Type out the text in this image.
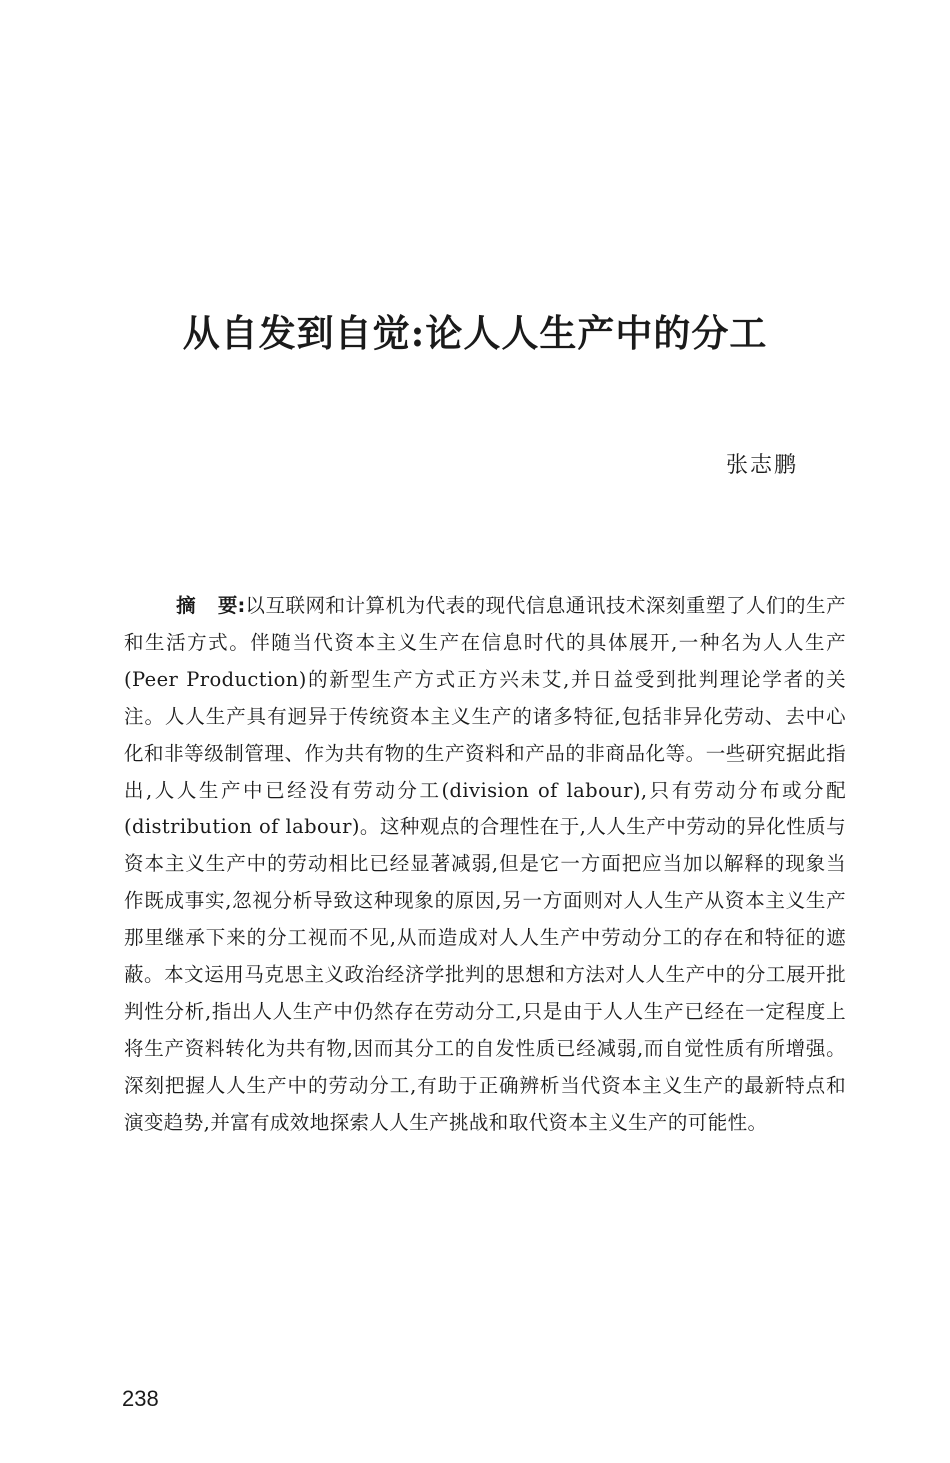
从自发到自觉:论人人生产中的分工

张志鹏

摘 要:以互联网和计算机为代表的现代信息通讯技术深刻重塑了人们的生产和生活方式。伴随当代资本主义生产在信息时代的具体展开,一种名为人人生产(Peer Production)的新型生产方式正方兴未艾,并日益受到批判理论学者的关注。人人生产具有迥异于传统资本主义生产的诸多特征,包括非异化劳动、去中心化和非等级制管理、作为共有物的生产资料和产品的非商品化等。一些研究据此指出,人人生产中已经没有劳动分工(division of labour),只有劳动分布或分配(distribution of labour)。这种观点的合理性在于,人人生产中劳动的异化性质与资本主义生产中的劳动相比已经显著减弱,但是它一方面把应当加以解释的现象当作既成事实,忽视分析导致这种现象的原因,另一方面则对人人生产从资本主义生产那里继承下来的分工视而不见,从而造成对人人生产中劳动分工的存在和特征的遮蔽。本文运用马克思主义政治经济学批判的思想和方法对人人生产中的分工展开批判性分析,指出人人生产中仍然存在劳动分工,只是由于人人生产已经在一定程度上将生产资料转化为共有物,因而其分工的自发性质已经减弱,而自觉性质有所增强。深刻把握人人生产中的劳动分工,有助于正确辨析当代资本主义生产的最新特点和演变趋势,并富有成效地探索人人生产挑战和取代资本主义生产的可能性。

238
